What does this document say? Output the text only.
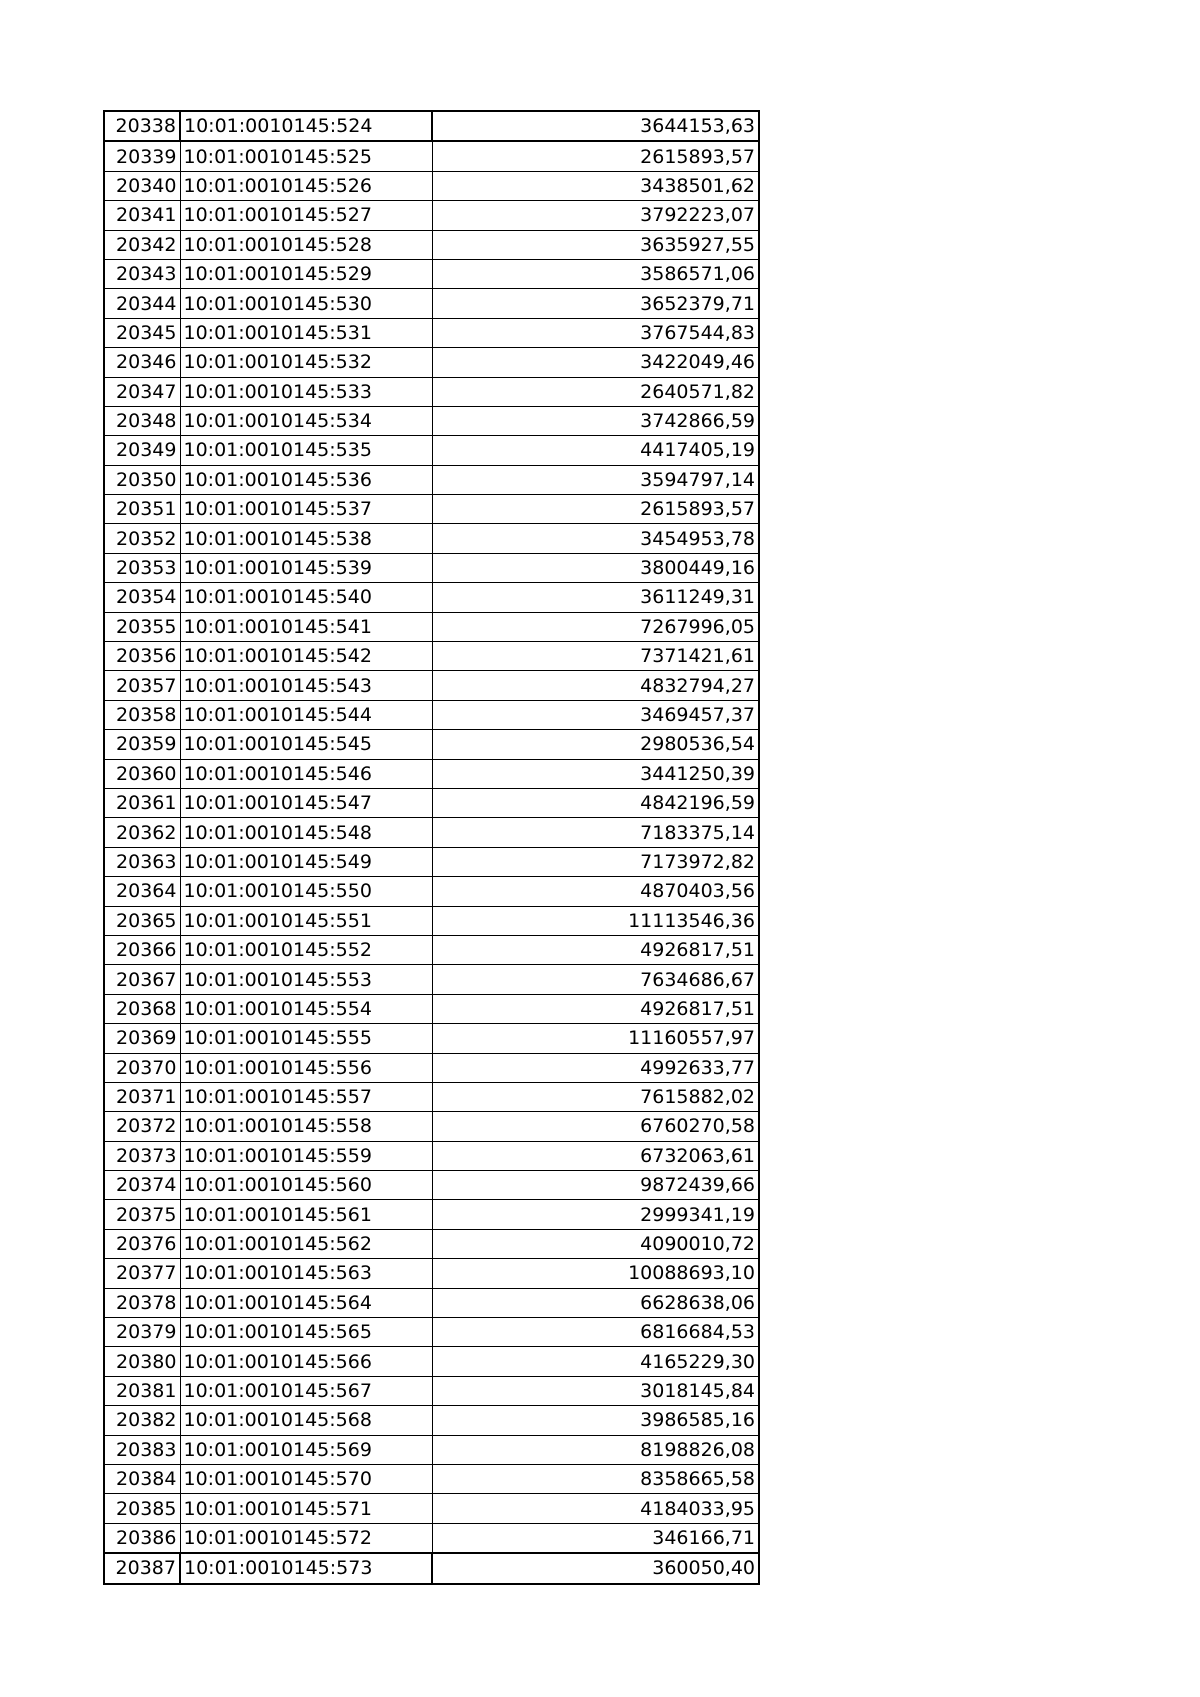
20338	10:01:0010145:524	3644153,63
20339	10:01:0010145:525	2615893,57
20340	10:01:0010145:526	3438501,62
20341	10:01:0010145:527	3792223,07
20342	10:01:0010145:528	3635927,55
20343	10:01:0010145:529	3586571,06
20344	10:01:0010145:530	3652379,71
20345	10:01:0010145:531	3767544,83
20346	10:01:0010145:532	3422049,46
20347	10:01:0010145:533	2640571,82
20348	10:01:0010145:534	3742866,59
20349	10:01:0010145:535	4417405,19
20350	10:01:0010145:536	3594797,14
20351	10:01:0010145:537	2615893,57
20352	10:01:0010145:538	3454953,78
20353	10:01:0010145:539	3800449,16
20354	10:01:0010145:540	3611249,31
20355	10:01:0010145:541	7267996,05
20356	10:01:0010145:542	7371421,61
20357	10:01:0010145:543	4832794,27
20358	10:01:0010145:544	3469457,37
20359	10:01:0010145:545	2980536,54
20360	10:01:0010145:546	3441250,39
20361	10:01:0010145:547	4842196,59
20362	10:01:0010145:548	7183375,14
20363	10:01:0010145:549	7173972,82
20364	10:01:0010145:550	4870403,56
20365	10:01:0010145:551	11113546,36
20366	10:01:0010145:552	4926817,51
20367	10:01:0010145:553	7634686,67
20368	10:01:0010145:554	4926817,51
20369	10:01:0010145:555	11160557,97
20370	10:01:0010145:556	4992633,77
20371	10:01:0010145:557	7615882,02
20372	10:01:0010145:558	6760270,58
20373	10:01:0010145:559	6732063,61
20374	10:01:0010145:560	9872439,66
20375	10:01:0010145:561	2999341,19
20376	10:01:0010145:562	4090010,72
20377	10:01:0010145:563	10088693,10
20378	10:01:0010145:564	6628638,06
20379	10:01:0010145:565	6816684,53
20380	10:01:0010145:566	4165229,30
20381	10:01:0010145:567	3018145,84
20382	10:01:0010145:568	3986585,16
20383	10:01:0010145:569	8198826,08
20384	10:01:0010145:570	8358665,58
20385	10:01:0010145:571	4184033,95
20386	10:01:0010145:572	346166,71
20387	10:01:0010145:573	360050,40
